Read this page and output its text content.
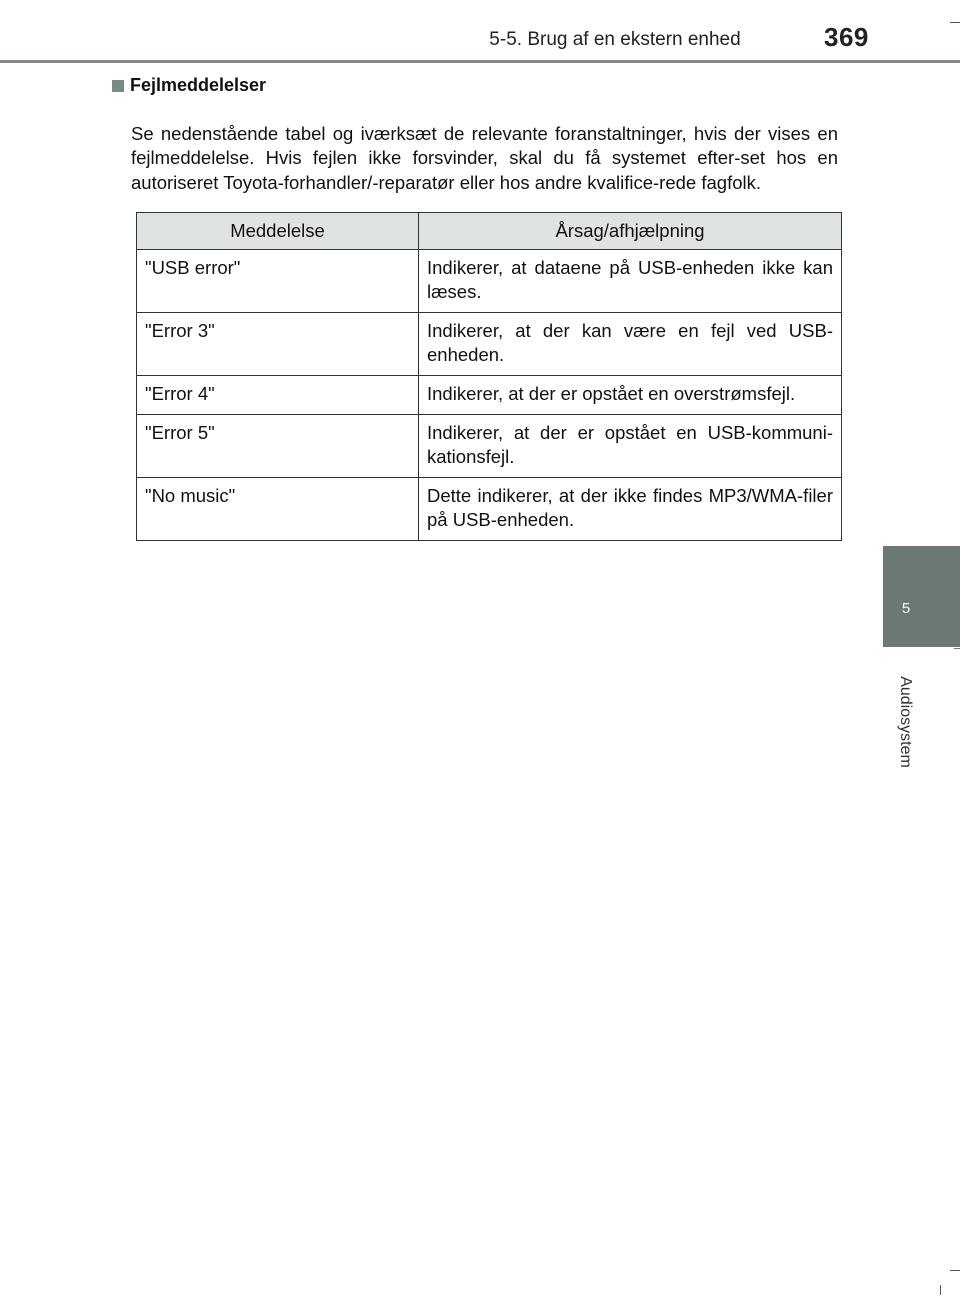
5-5. Brug af en ekstern enhed	369
5
Audiosystem
Fejlmeddelelser

Se nedenstående tabel og iværksæt de relevante foranstaltninger, hvis der vises en fejlmeddelelse. Hvis fejlen ikke forsvinder, skal du få systemet efter-set hos en autoriseret Toyota-forhandler/-reparatør eller hos andre kvalifice-rede fagfolk.

Meddelelse	Årsag/afhjælpning
"USB error"	Indikerer, at dataene på USB-enheden ikke kan læses.
"Error 3"	Indikerer, at der kan være en fejl ved USB-enheden.
"Error 4"	Indikerer, at der er opstået en overstrømsfejl.
"Error 5"	Indikerer, at der er opstået en USB-kommuni-kationsfejl.
"No music"	Dette indikerer, at der ikke findes MP3/WMA-filer på USB-enheden.
